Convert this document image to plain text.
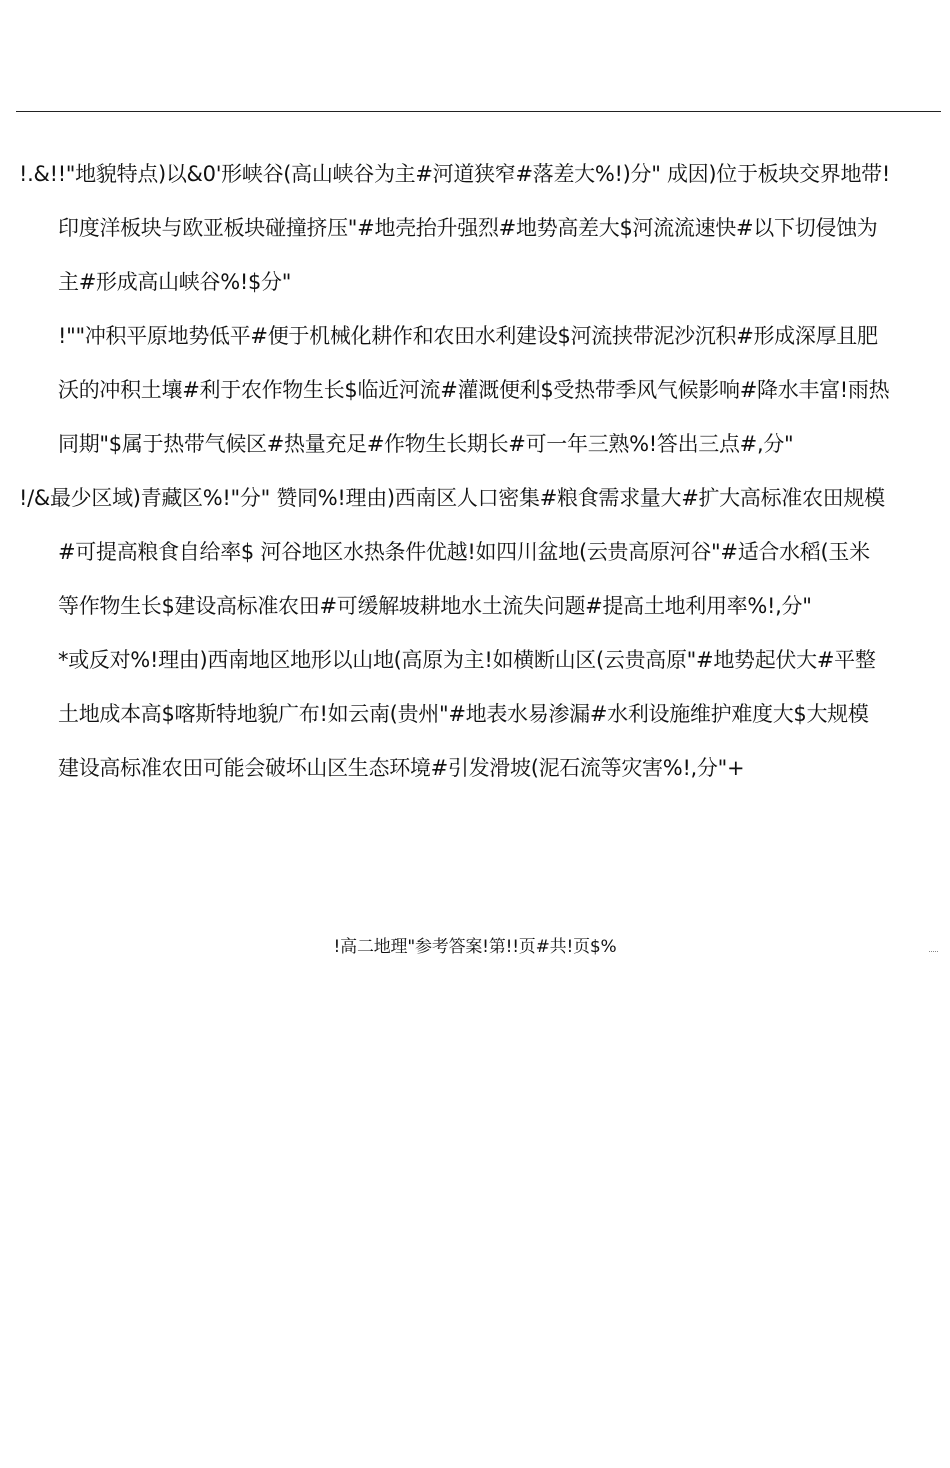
!.&!!"地貌特点)以&0'形峡谷(高山峡谷为主#河道狭窄#落差大%!)分" 成因)位于板块交界地带!
印度洋板块与欧亚板块碰撞挤压"#地壳抬升强烈#地势高差大$河流流速快#以下切侵蚀为
主#形成高山峡谷%!$分"
!""冲积平原地势低平#便于机械化耕作和农田水利建设$河流挟带泥沙沉积#形成深厚且肥
沃的冲积土壤#利于农作物生长$临近河流#灌溉便利$受热带季风气候影响#降水丰富!雨热
同期"$属于热带气候区#热量充足#作物生长期长#可一年三熟%!答出三点#,分"
!/&最少区域)青藏区%!"分" 赞同%!理由)西南区人口密集#粮食需求量大#扩大高标准农田规模
#可提高粮食自给率$ 河谷地区水热条件优越!如四川盆地(云贵高原河谷"#适合水稻(玉米
等作物生长$建设高标准农田#可缓解坡耕地水土流失问题#提高土地利用率%!,分"
*或反对%!理由)西南地区地形以山地(高原为主!如横断山区(云贵高原"#地势起伏大#平整
土地成本高$喀斯特地貌广布!如云南(贵州"#地表水易渗漏#水利设施维护难度大$大规模
建设高标准农田可能会破坏山区生态环境#引发滑坡(泥石流等灾害%!,分"+
!高二地理"参考答案!第!!页#共!页$%
